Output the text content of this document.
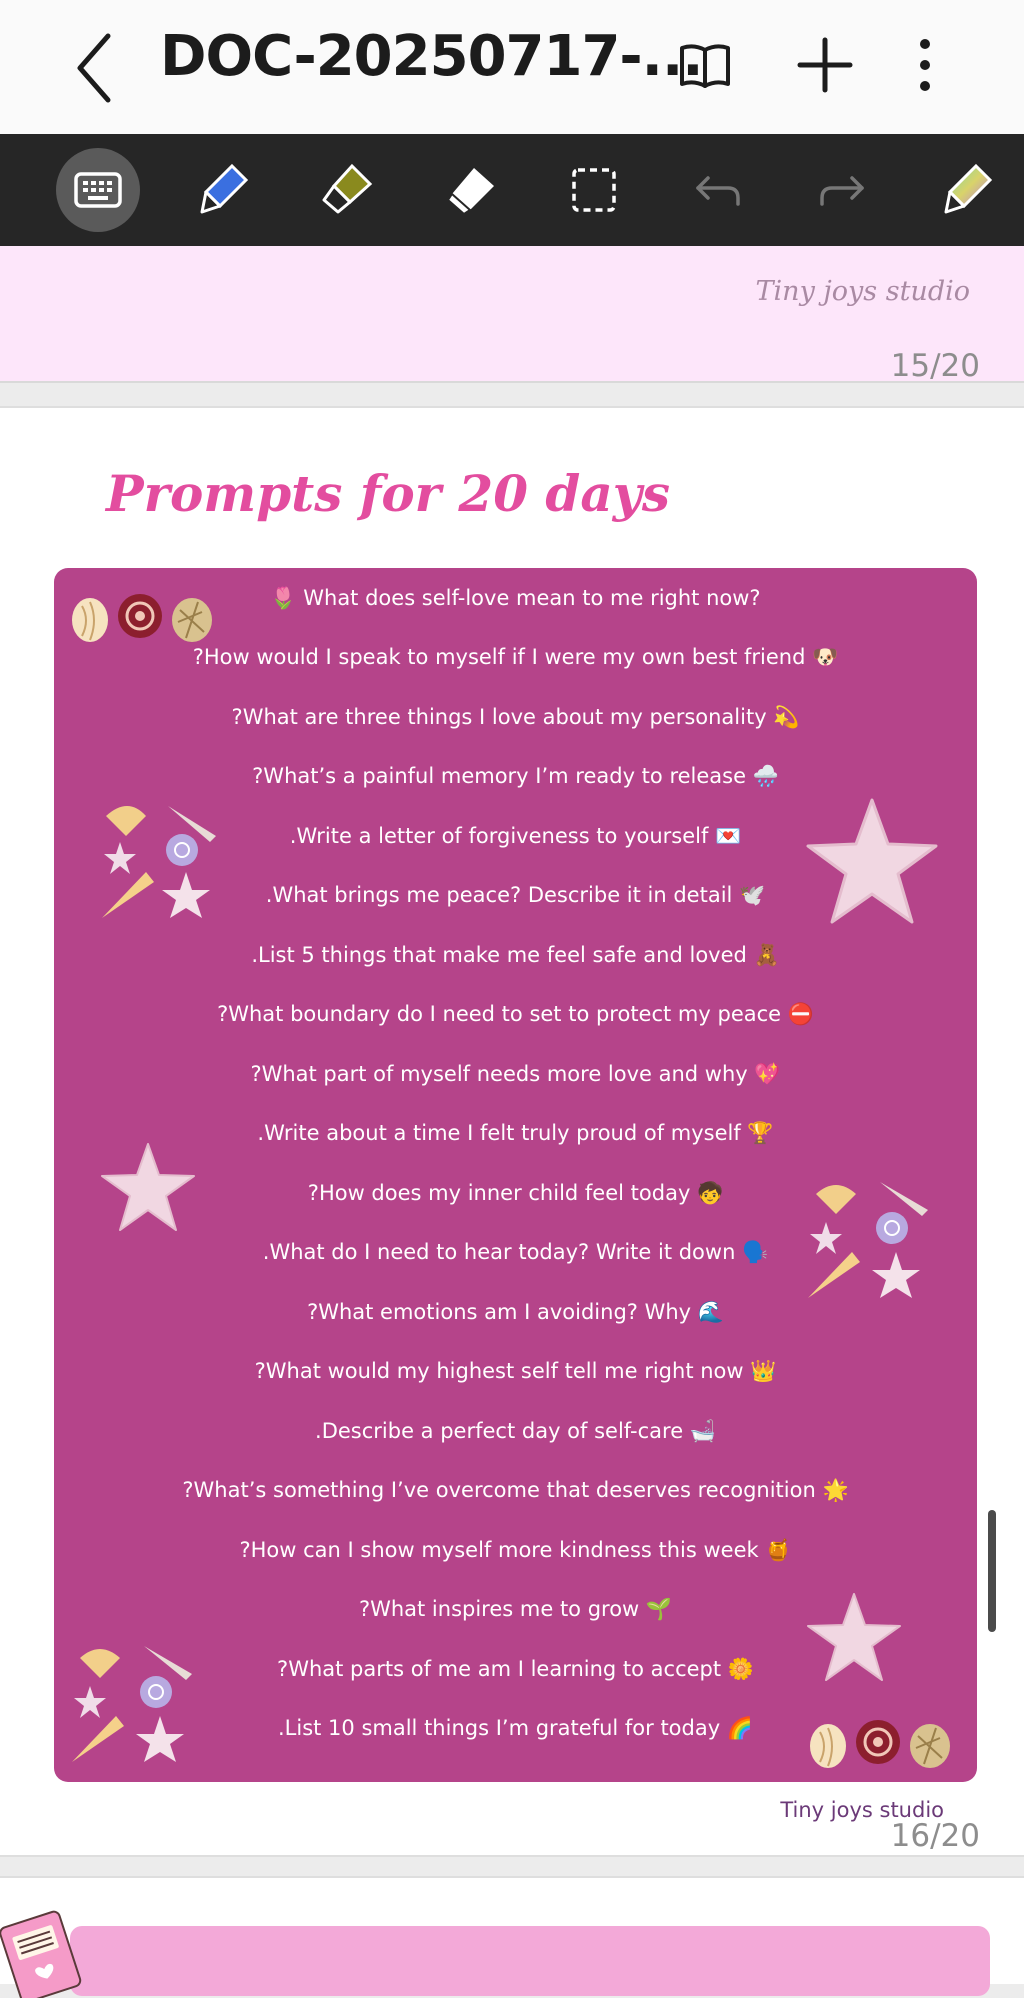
DOC-20250717-...
Tiny joys studio
15/20
Prompts for 20 days
🌷 What does self-love mean to me right now?
?How would I speak to myself if I were my own best friend 🐶
?What are three things I love about my personality 💫
?What’s a painful memory I’m ready to release 🌧️
.Write a letter of forgiveness to yourself 💌
.What brings me peace? Describe it in detail 🕊️
.List 5 things that make me feel safe and loved 🧸
?What boundary do I need to set to protect my peace ⛔
?What part of myself needs more love and why 💖
.Write about a time I felt truly proud of myself 🏆
?How does my inner child feel today 🧒
.What do I need to hear today? Write it down 🗣️
?What emotions am I avoiding? Why 🌊
?What would my highest self tell me right now 👑
.Describe a perfect day of self-care 🛁
?What’s something I’ve overcome that deserves recognition 🌟
?How can I show myself more kindness this week 🍯
?What inspires me to grow 🌱
?What parts of me am I learning to accept 🌼
.List 10 small things I’m grateful for today 🌈
Tiny joys studio
16/20
